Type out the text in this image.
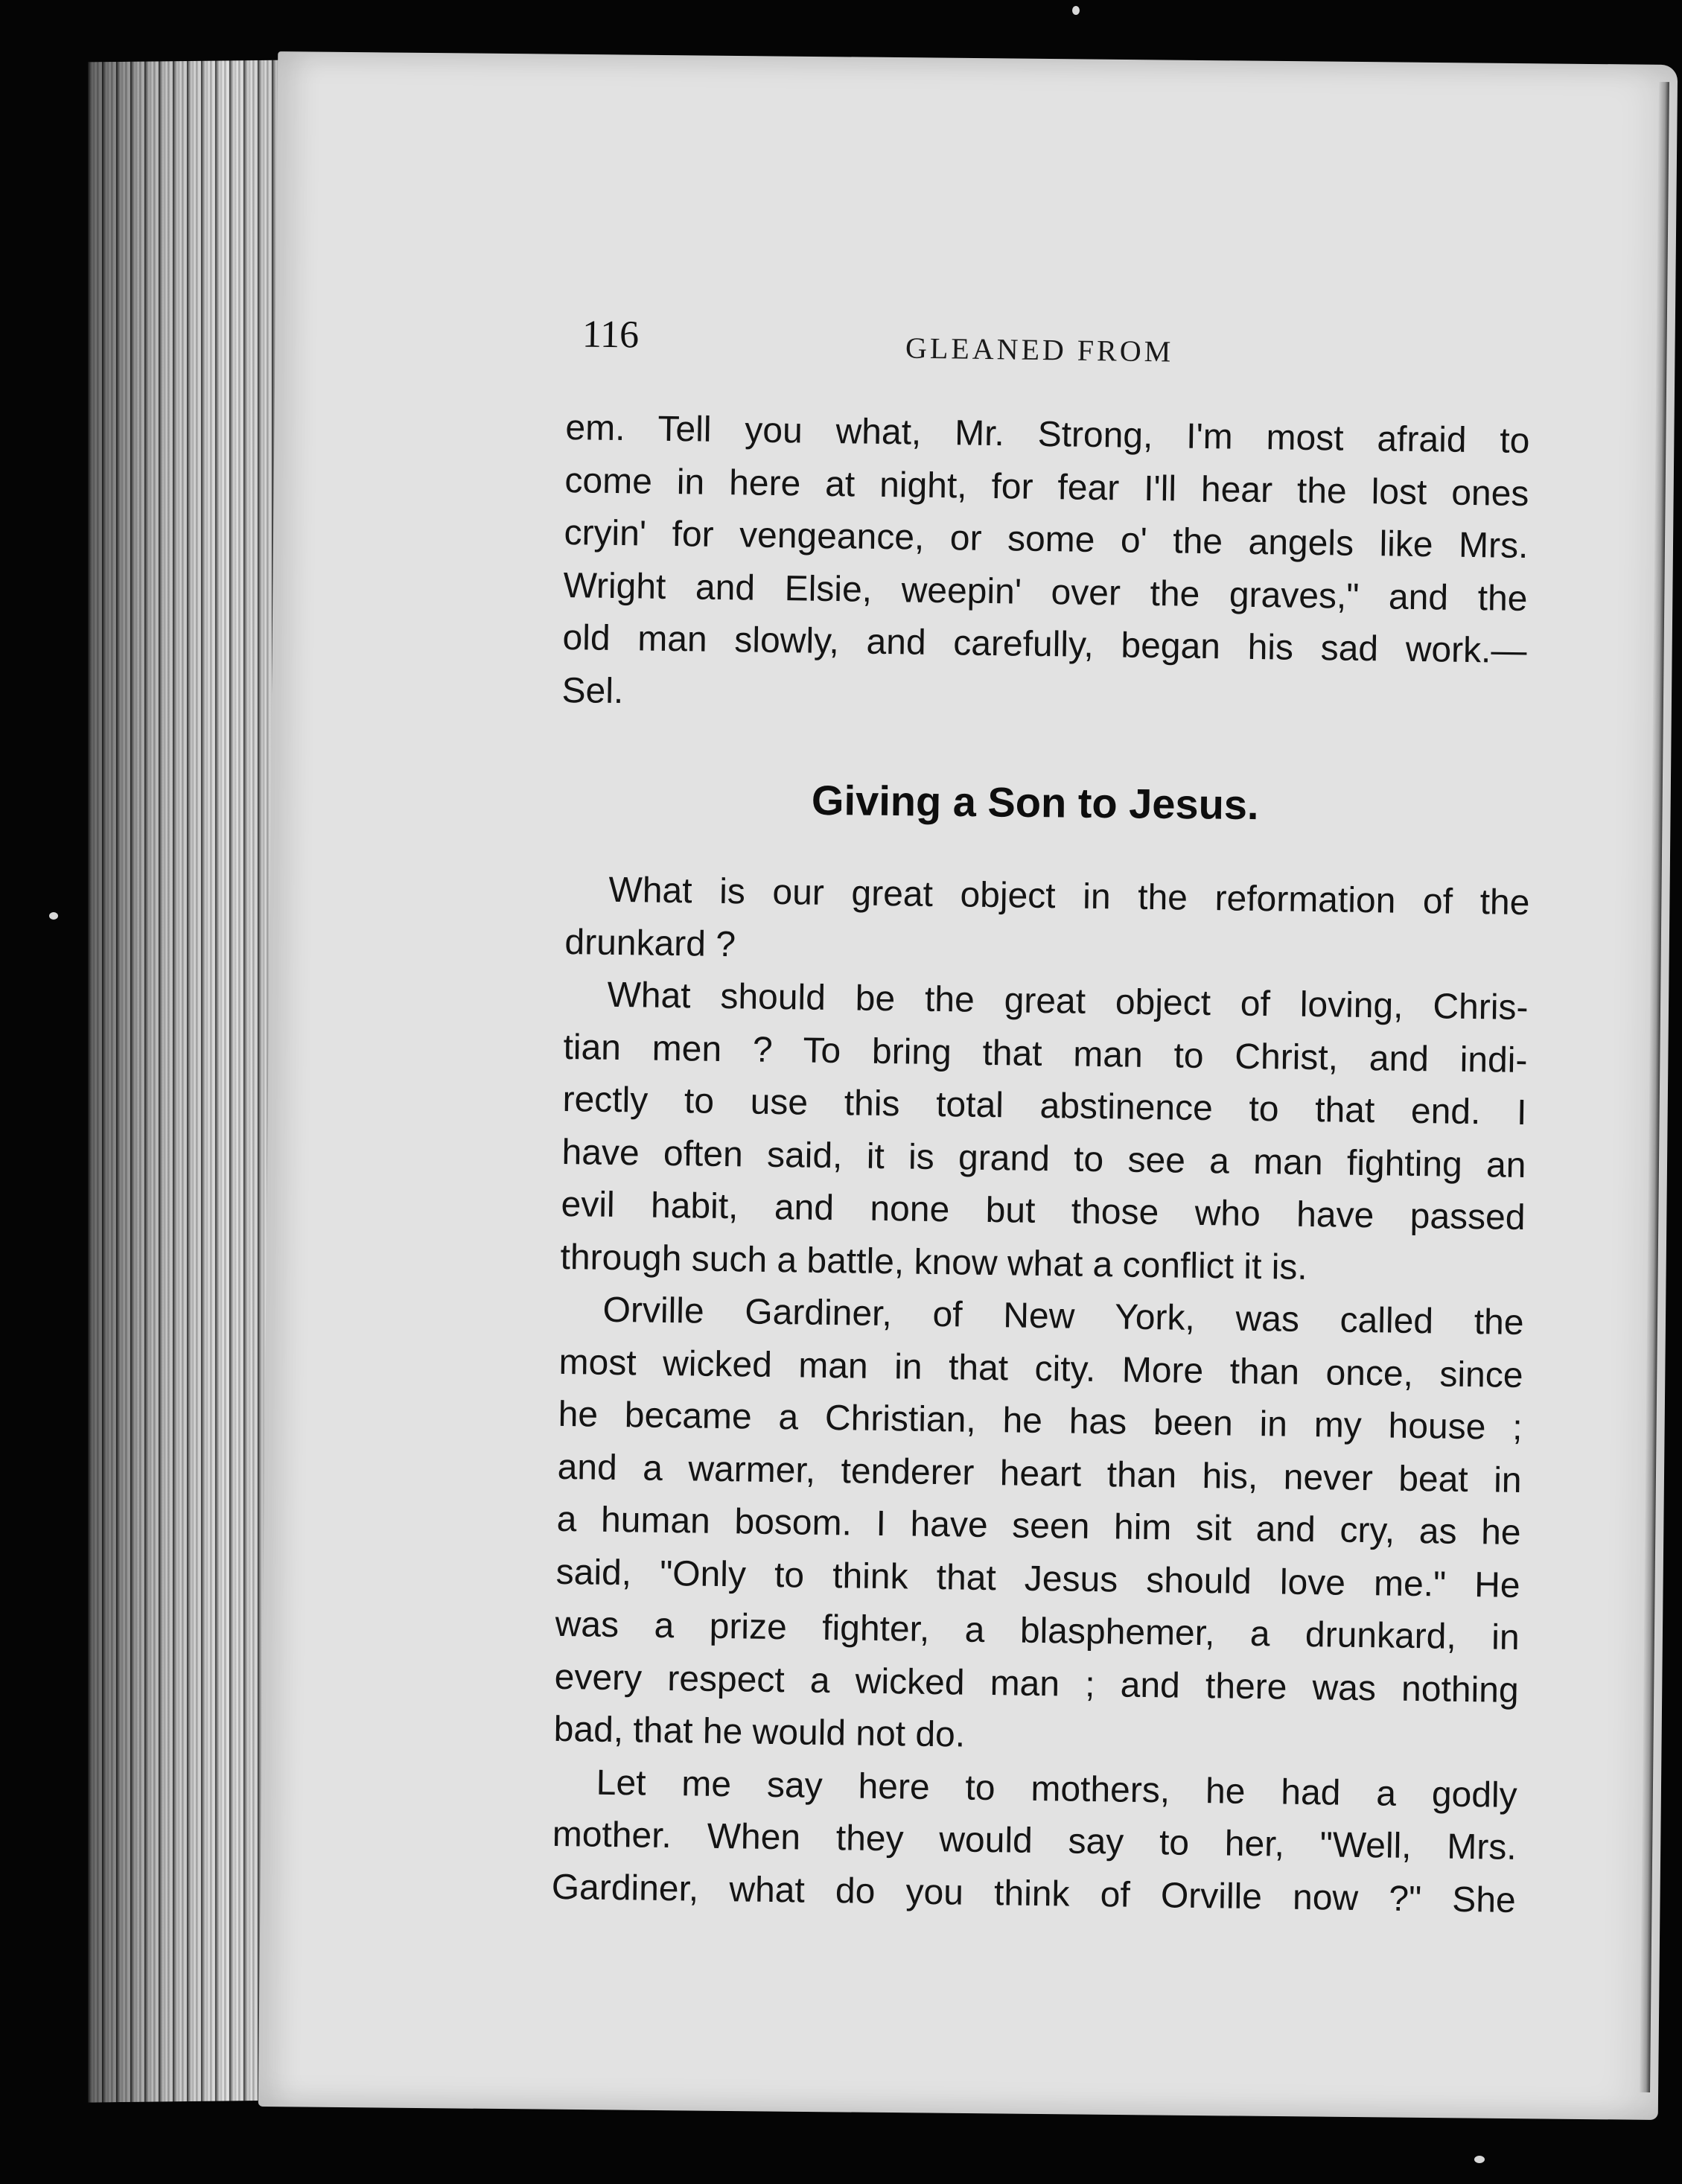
116	GLEANED FROM
em. Tell you what, Mr. Strong, I'm most afraid to
come in here at night, for fear I'll hear the lost ones
cryin' for vengeance, or some o' the angels like Mrs.
Wright and Elsie, weepin' over the graves," and the
old man slowly, and carefully, began his sad work.—
Sel.
Giving a Son to Jesus.
What is our great object in the reformation of the
drunkard ?
What should be the great object of loving, Chris-
tian men ? To bring that man to Christ, and indi-
rectly to use this total abstinence to that end. I
have often said, it is grand to see a man fighting an
evil habit, and none but those who have passed
through such a battle, know what a conflict it is.
Orville Gardiner, of New York, was called the
most wicked man in that city. More than once, since
he became a Christian, he has been in my house ;
and a warmer, tenderer heart than his, never beat in
a human bosom. I have seen him sit and cry, as he
said, "Only to think that Jesus should love me." He
was a prize fighter, a blasphemer, a drunkard, in
every respect a wicked man ; and there was nothing
bad, that he would not do.
Let me say here to mothers, he had a godly
mother. When they would say to her, "Well, Mrs.
Gardiner, what do you think of Orville now ?" She
